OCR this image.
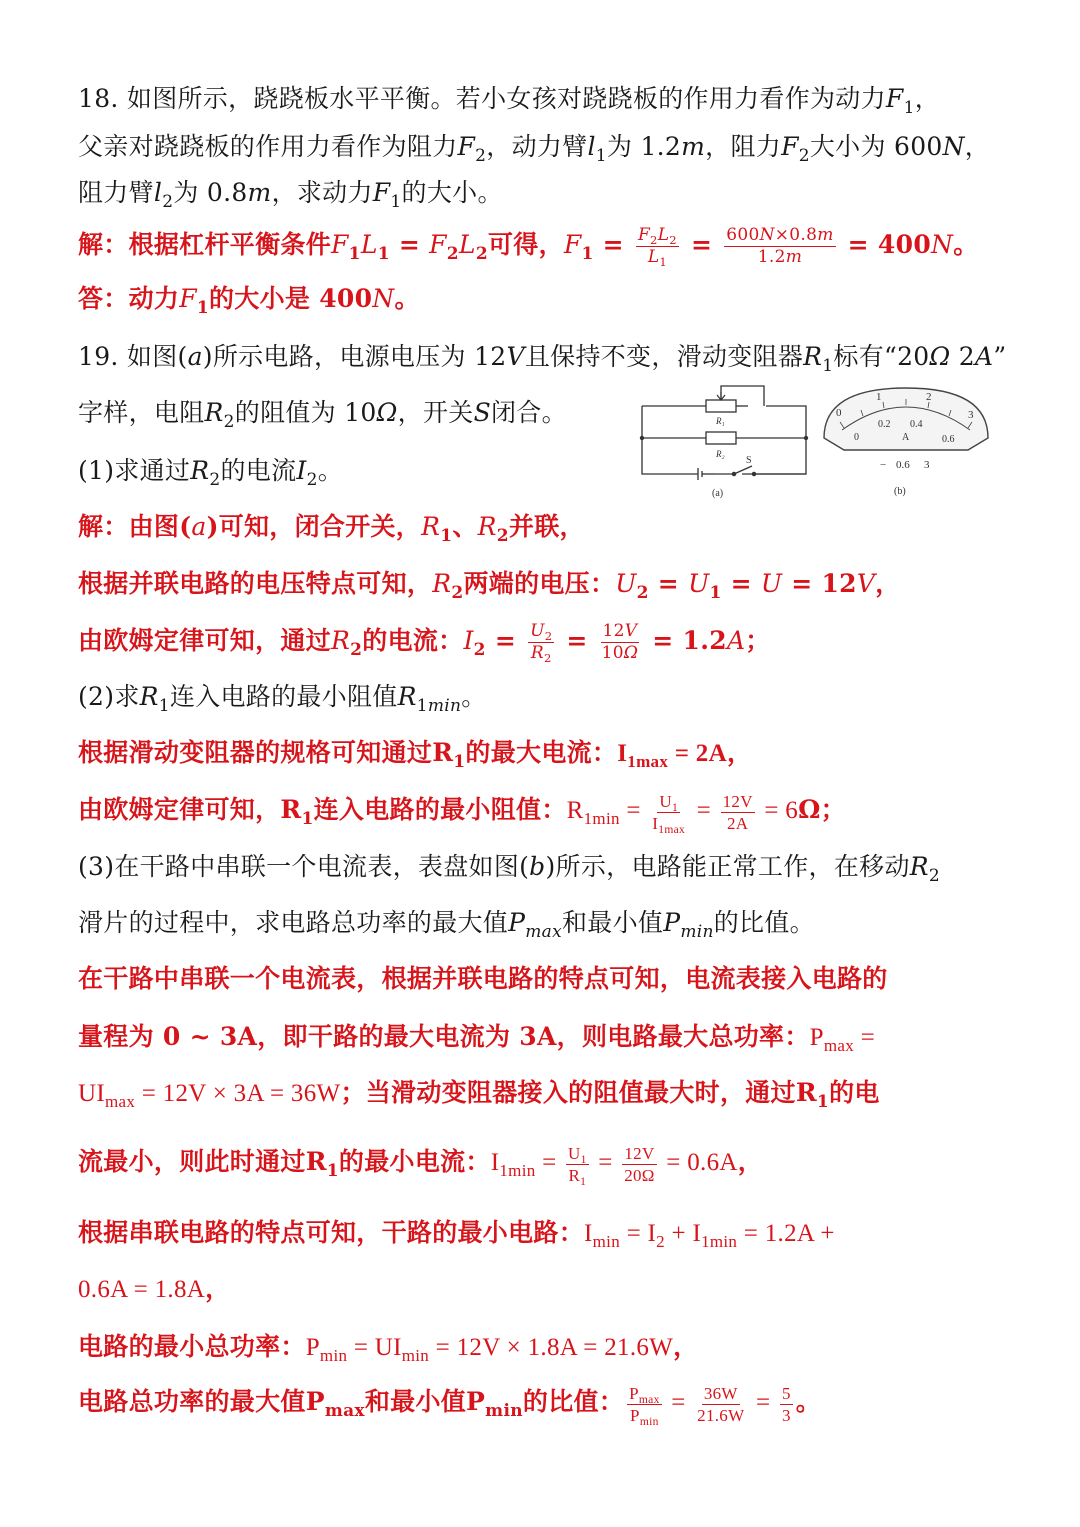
18. 如图所示，跷跷板水平平衡。若小女孩对跷跷板的作用力看作为动力$F_1$，
父亲对跷跷板的作用力看作为阻力$F_2$，动力臂$l_1$为 1.2m，阻力$F_2$大小为 600N，
阻力臂$l_2$为 0.8m，求动力$F_1$的大小。
解：根据杠杆平衡条件$F_1L_1 = F_2L_2$可得，$F_1 = \frac{F_2L_2}{L_1} = \frac{600N\times 0.8m}{1.2m} = 400N$。
答：动力$F_1$的大小是 400N。
19. 如图(a)所示电路，电源电压为 12V且保持不变，滑动变阻器$R_1$标有“20Ω 2A”
字样，电阻$R_2$的阻值为 10Ω，开关S闭合。
(1)求通过$R_2$的电流$I_2$。
解：由图(a)可知，闭合开关，$R_1$、$R_2$并联，
根据并联电路的电压特点可知，$R_2$两端的电压：$U_2 = U_1 = U = 12V$，
由欧姆定律可知，通过$R_2$的电流：$I_2 = \frac{U_2}{R_2} = \frac{12V}{10\Omega} = 1.2A$；
(2)求$R_1$连入电路的最小阻值$R_{1min}$。
根据滑动变阻器的规格可知通过$R_1$的最大电流：$I_{1max} = 2A$，
由欧姆定律可知，$R_1$连入电路的最小阻值：$R_{1min} = \frac{U_1}{I_{1max}} = \frac{12V}{2A} = 6\Omega$；
(3)在干路中串联一个电流表，表盘如图(b)所示，电路能正常工作，在移动$R_2$
滑片的过程中，求电路总功率的最大值$P_{max}$和最小值$P_{min}$的比值。
在干路中串联一个电流表，根据并联电路的特点可知，电流表接入电路的
量程为 0 ~ 3A，即干路的最大电流为 3A，则电路最大总功率：$P_{max}$ =
$UI_{max} = 12V \times 3A = 36W$；当滑动变阻器接入的阻值最大时，通过$R_1$的电
流最小，则此时通过$R_1$的最小电流：$I_{1min} = \frac{U_1}{R_1} = \frac{12V}{20\Omega} = 0.6A$，
根据串联电路的特点可知，干路的最小电路：$I_{min} = I_2 + I_{1min} = 1.2A$ +
0.6A = 1.8A，
电路的最小总功率：$P_{min} = UI_{min} = 12V \times 1.8A = 21.6W$，
电路总功率的最大值$P_{max}$和最小值$P_{min}$的比值： $\frac{P_{max}}{P_{min}} = \frac{36W}{21.6W} = \frac{5}{3}$ 。
R₁
R₂
S
(a)
0
1	2
3
0
0.2 0.4
0.6
A
− 0.6 3
(b)
